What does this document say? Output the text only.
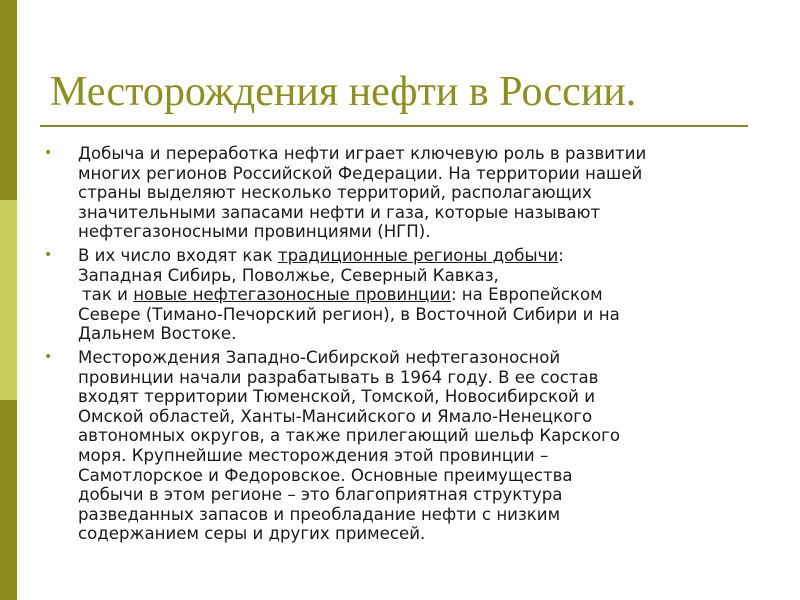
Месторождения нефти в России.
• Добыча и переработка нефти играет ключевую роль в развитии
многих регионов Российской Федерации. На территории нашей
страны выделяют несколько территорий, располагающих
значительными запасами нефти и газа, которые называют
нефтегазоносными провинциями (НГП).
• В их число входят как традиционные регионы добычи:
Западная Сибирь, Поволжье, Северный Кавказ,
так и новые нефтегазоносные провинции: на Европейском
Севере (Тимано-Печорский регион), в Восточной Сибири и на
Дальнем Востоке.
• Месторождения Западно-Сибирской нефтегазоносной
провинции начали разрабатывать в 1964 году. В ее состав
входят территории Тюменской, Томской, Новосибирской и
Омской областей, Ханты-Мансийского и Ямало-Ненецкого
автономных округов, а также прилегающий шельф Карского
моря. Крупнейшие месторождения этой провинции –
Самотлорское и Федоровское. Основные преимущества
добычи в этом регионе – это благоприятная структура
разведанных запасов и преобладание нефти с низким
содержанием серы и других примесей.
